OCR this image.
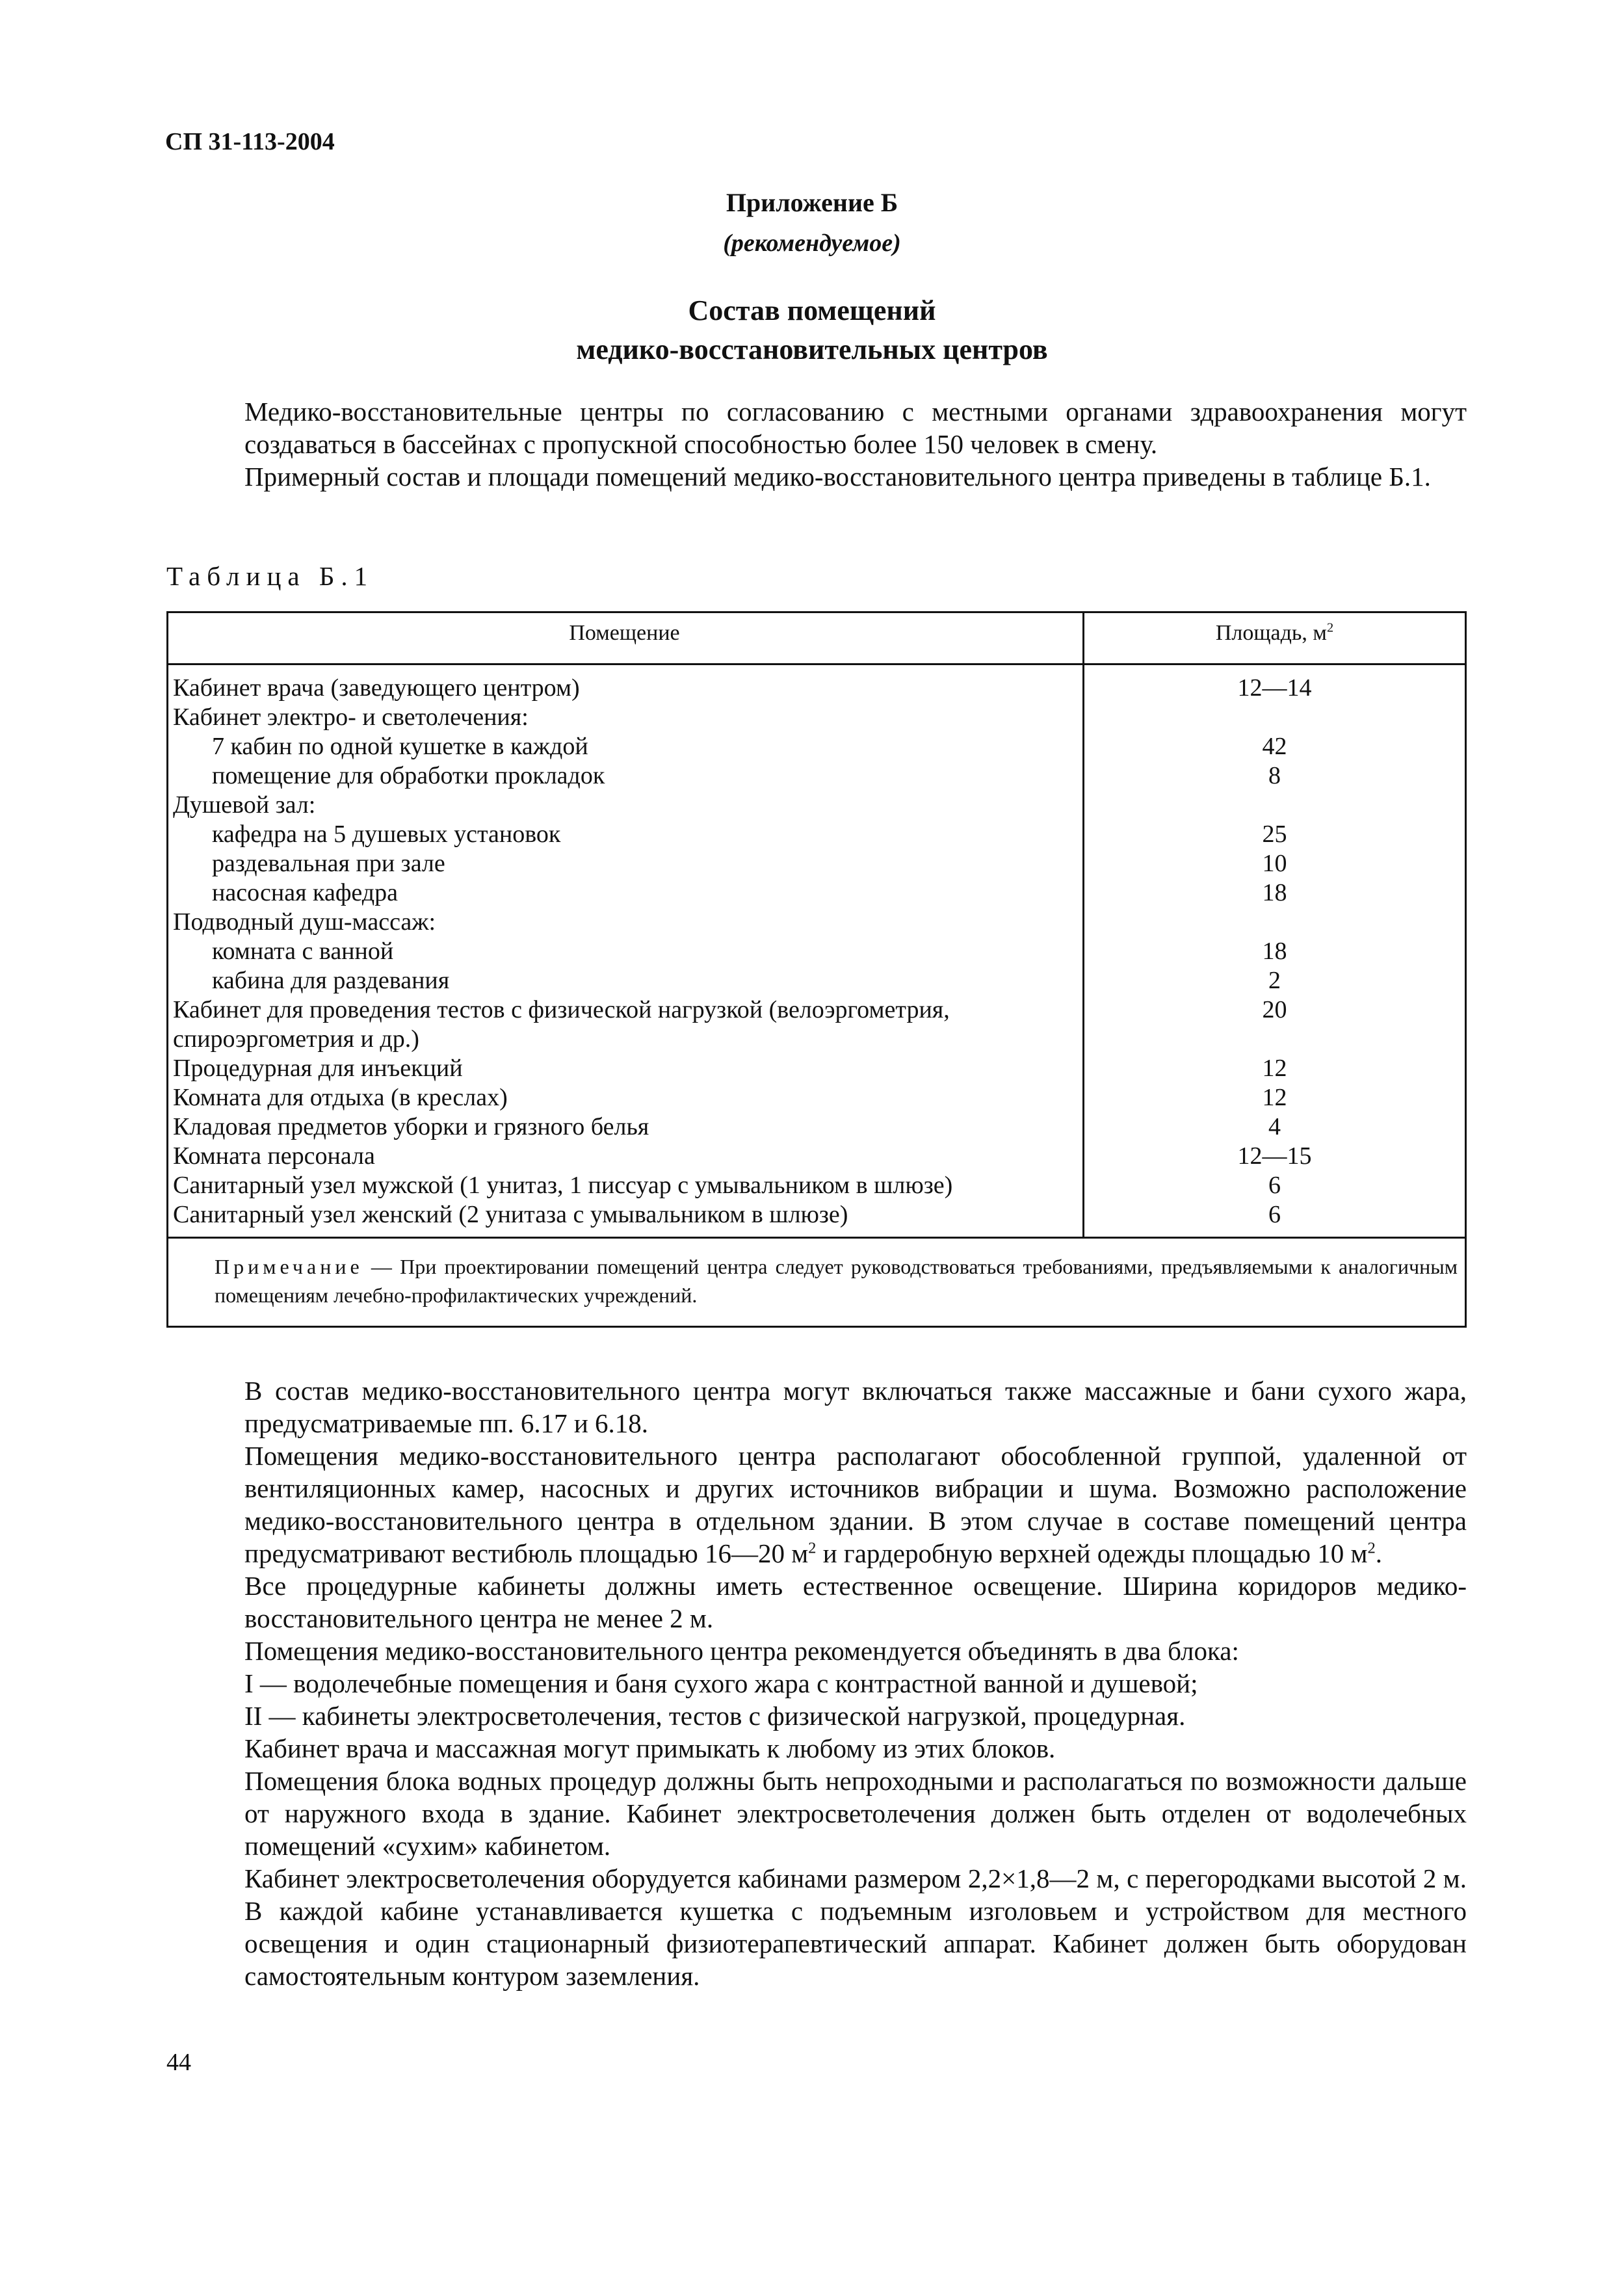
СП 31-113-2004
Приложение Б
(рекомендуемое)
Состав помещений
медико-восстановительных центров
Медико-восстановительные центры по согласованию с местными органами здравоохранения могут создаваться в бассейнах с пропускной способностью более 150 человек в смену.
Примерный состав и площади помещений медико-восстановительного центра приведены в таблице Б.1.
Таблица Б.1
Помещение	Площадь, $м^2$
Кабинет врача (заведующего центром)	12—14
Кабинет электро- и светолечения:
7 кабин по одной кушетке в каждой	42
помещение для обработки прокладок	8
Душевой зал:
кафедра на 5 душевых установок	25
раздевальная при зале	10
насосная кафедра	18
Подводный душ-массаж:
комната с ванной	18
кабина для раздевания	2
Кабинет для проведения тестов с физической нагрузкой (велоэргометрия,	20
спироэргометрия и др.)
Процедурная для инъекций	12
Комната для отдыха (в креслах)	12
Кладовая предметов уборки и грязного белья	4
Комната персонала	12—15
Санитарный узел мужской (1 унитаз, 1 писсуар с умывальником в шлюзе)	6
Санитарный узел женский (2 унитаза с умывальником в шлюзе)	6
Примечание — При проектировании помещений центра следует руководствоваться требованиями, предъявляемыми к аналогичным помещениям лечебно-профилактических учреждений.
В состав медико-восстановительного центра могут включаться также массажные и бани сухого жара, предусматриваемые пп. 6.17 и 6.18.
Помещения медико-восстановительного центра располагают обособленной группой, удаленной от вентиляционных камер, насосных и других источников вибрации и шума. Возможно расположение медико-восстановительного центра в отдельном здании. В этом случае в составе помещений центра предусматривают вестибюль площадью 16—20 $м^2$ и гардеробную верхней одежды площадью 10 $м^2$.
Все процедурные кабинеты должны иметь естественное освещение. Ширина коридоров медико-восстановительного центра не менее 2 м.
Помещения медико-восстановительного центра рекомендуется объединять в два блока:
I — водолечебные помещения и баня сухого жара с контрастной ванной и душевой;
II — кабинеты электросветолечения, тестов с физической нагрузкой, процедурная.
Кабинет врача и массажная могут примыкать к любому из этих блоков.
Помещения блока водных процедур должны быть непроходными и располагаться по возможности дальше от наружного входа в здание. Кабинет электросветолечения должен быть отделен от водолечебных помещений «сухим» кабинетом.
Кабинет электросветолечения оборудуется кабинами размером 2,2×1,8—2 м, с перегородками высотой 2 м. В каждой кабине устанавливается кушетка с подъемным изголовьем и устройством для местного освещения и один стационарный физиотерапевтический аппарат. Кабинет должен быть оборудован самостоятельным контуром заземления.
44
